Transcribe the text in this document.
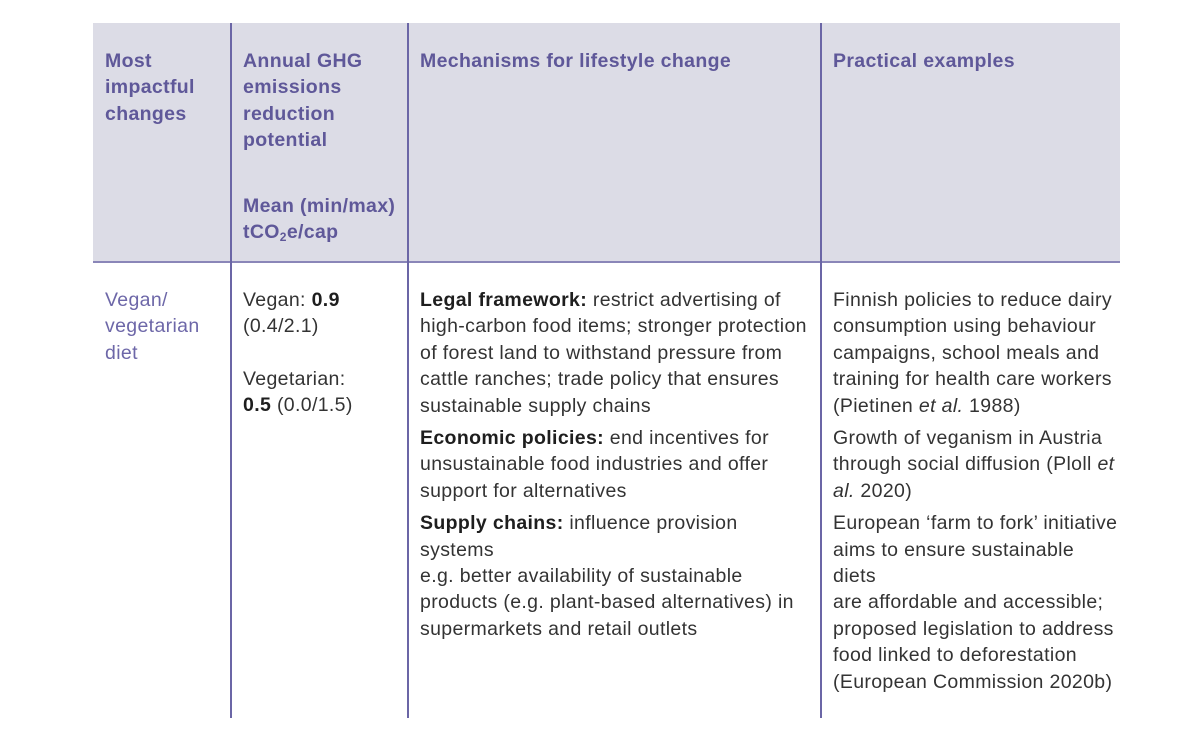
Most
impactful
changes
Annual GHG
emissions
reduction
potential
Mean (min/max)
tCO$_2$e/cap
Mechanisms for lifestyle change	Practical examples
Vegan/
vegetarian
diet
Vegan: 0.9
(0.4/2.1)
Vegetarian:
0.5 (0.0/1.5)
Legal framework: restrict advertising of
high-carbon food items; stronger protection
of forest land to withstand pressure from
cattle ranches; trade policy that ensures
sustainable supply chains
Economic policies: end incentives for
unsustainable food industries and offer
support for alternatives
Supply chains: influence provision systems
e.g. better availability of sustainable
products (e.g. plant-based alternatives) in
supermarkets and retail outlets
Finnish policies to reduce dairy
consumption using behaviour
campaigns, school meals and
training for health care workers
(Pietinen et al. 1988)
Growth of veganism in Austria
through social diffusion (Ploll et
al. 2020)
European ‘farm to fork’ initiative
aims to ensure sustainable diets
are affordable and accessible;
proposed legislation to address
food linked to deforestation
(European Commission 2020b)
